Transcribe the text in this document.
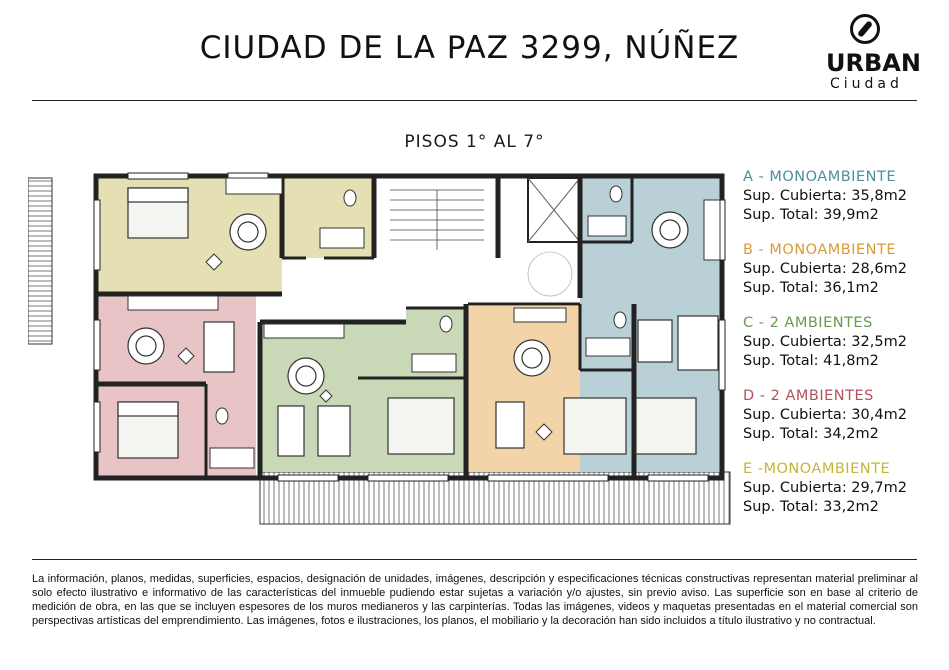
CIUDAD DE LA PAZ 3299, NÚÑEZ	URBAN
Ciudad
PISOS 1° AL 7°
A - MONOAMBIENTE
Sup. Cubierta: 35,8m2
Sup. Total: 39,9m2
B - MONOAMBIENTE
Sup. Cubierta: 28,6m2
Sup. Total: 36,1m2
C - 2 AMBIENTES
Sup. Cubierta: 32,5m2
Sup. Total: 41,8m2
D - 2 AMBIENTES
Sup. Cubierta: 30,4m2
Sup. Total: 34,2m2
E -MONOAMBIENTE
Sup. Cubierta: 29,7m2
Sup. Total: 33,2m2
La información, planos, medidas, superficies, espacios, designación de unidades, imágenes, descripción y especificaciones técnicas constructivas representan material preliminar al solo efecto ilustrativo e informativo de las características del inmueble pudiendo estar sujetas a variación y/o ajustes, sin previo aviso. Las superficie son en base al criterio de medición de obra, en las que se incluyen espesores de los muros medianeros y las carpinterías. Todas las imágenes, videos y maquetas presentadas en el material comercial son perspectivas artísticas del emprendimiento. Las imágenes, fotos e ilustraciones, los planos, el mobiliario y la decoración han sido incluidos a título ilustrativo y no contractual.
